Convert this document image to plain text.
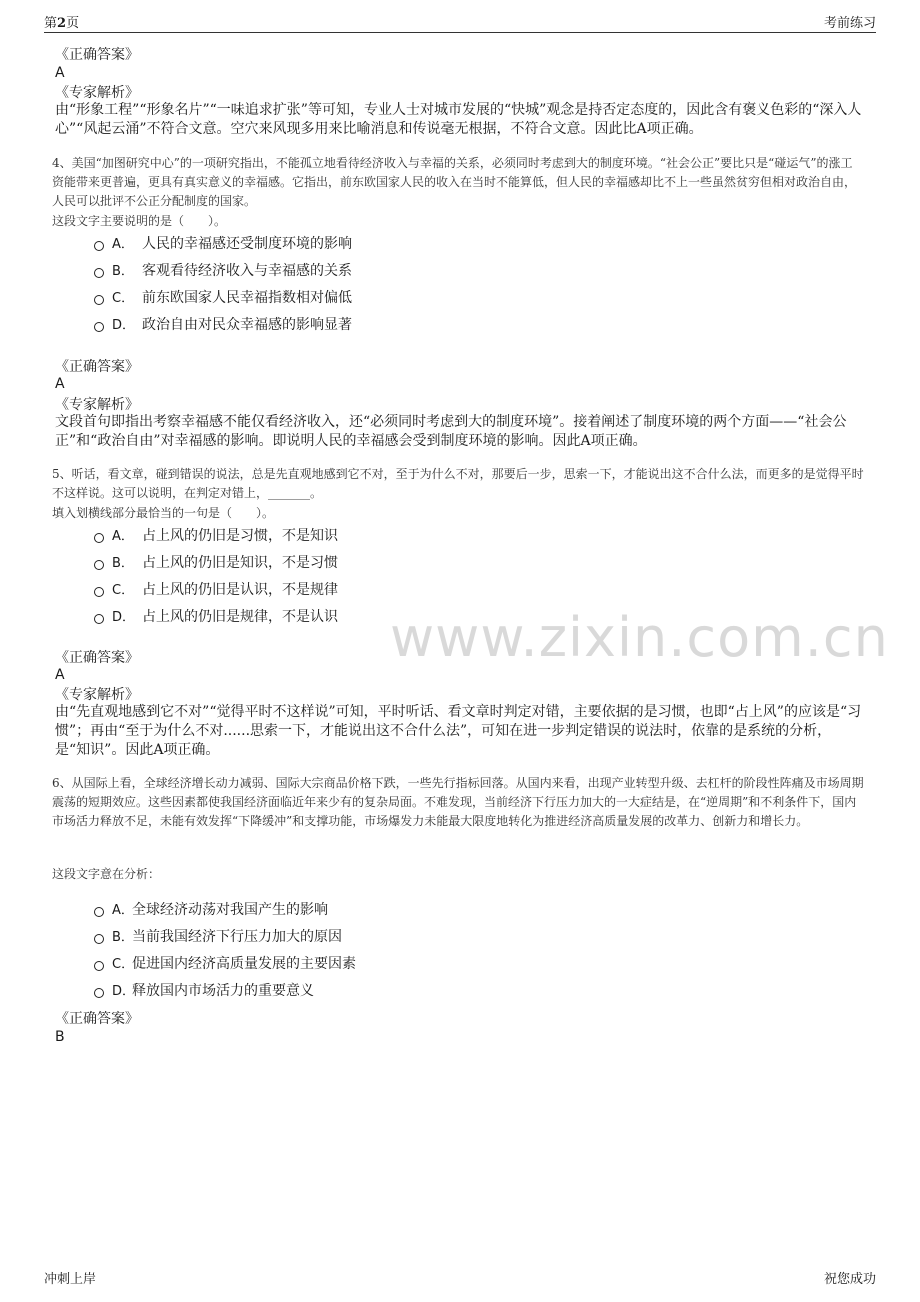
第2页	考前练习
《正确答案》
A
《专家解析》
由“形象工程”“形象名片”“一味追求扩张”等可知，专业人士对城市发展的“快城”观念是持否定态度的，因此含有褒义色彩的“深入人心”“风起云涌”不符合文意。空穴来风现多用来比喻消息和传说毫无根据，不符合文意。因此比A项正确。
4、美国“加图研究中心”的一项研究指出，不能孤立地看待经济收入与幸福的关系，必须同时考虑到大的制度环境。“社会公正”要比只是“碰运气”的涨工资能带来更普遍，更具有真实意义的幸福感。它指出，前东欧国家人民的收入在当时不能算低，但人民的幸福感却比不上一些虽然贫穷但相对政治自由，人民可以批评不公正分配制度的国家。
这段文字主要说明的是（　　）。
A． 人民的幸福感还受制度环境的影响
B． 客观看待经济收入与幸福感的关系
C． 前东欧国家人民幸福指数相对偏低
D． 政治自由对民众幸福感的影响显著
《正确答案》
A
《专家解析》
文段首句即指出考察幸福感不能仅看经济收入，还“必须同时考虑到大的制度环境”。接着阐述了制度环境的两个方面——“社会公正”和“政治自由”对幸福感的影响。即说明人民的幸福感会受到制度环境的影响。因此A项正确。
5、听话，看文章，碰到错误的说法，总是先直观地感到它不对，至于为什么不对，那要后一步，思索一下，才能说出这不合什么法，而更多的是觉得平时不这样说。这可以说明，在判定对错上，_______。
填入划横线部分最恰当的一句是（　　）。
A． 占上风的仍旧是习惯，不是知识
B． 占上风的仍旧是知识，不是习惯
C． 占上风的仍旧是认识，不是规律
D． 占上风的仍旧是规律，不是认识 www.zixin.com.cn
《正确答案》
A
《专家解析》
由“先直观地感到它不对”“觉得平时不这样说”可知，平时听话、看文章时判定对错，主要依据的是习惯，也即“占上风”的应该是“习惯”；再由“至于为什么不对......思索一下，才能说出这不合什么法”，可知在进一步判定错误的说法时，依靠的是系统的分析，是“知识”。因此A项正确。
6、从国际上看，全球经济增长动力减弱、国际大宗商品价格下跌，一些先行指标回落。从国内来看，出现产业转型升级、去杠杆的阶段性阵痛及市场周期震荡的短期效应。这些因素都使我国经济面临近年来少有的复杂局面。不难发现，当前经济下行压力加大的一大症结是，在“逆周期”和不利条件下，国内市场活力释放不足，未能有效发挥“下降缓冲”和支撑功能，市场爆发力未能最大限度地转化为推进经济高质量发展的改革力、创新力和增长力。
这段文字意在分析：
A．
全球经济动荡对我国产生的影响
B．
当前我国经济下行压力加大的原因
C．
促进国内经济高质量发展的主要因素
D．
释放国内市场活力的重要意义
《正确答案》
B
冲刺上岸	祝您成功
